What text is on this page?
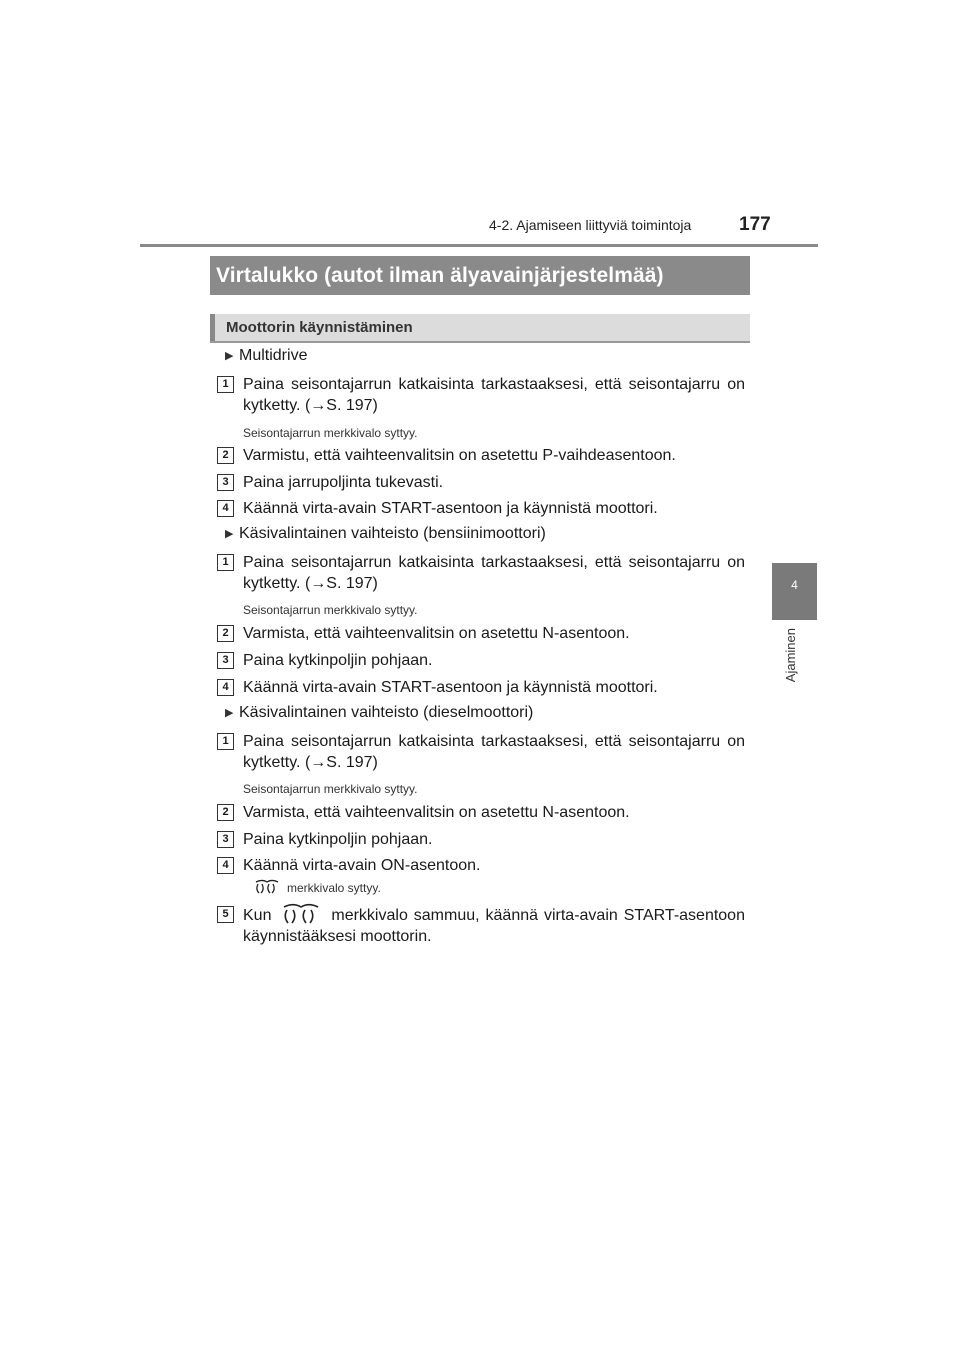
4-2. Ajamiseen liittyviä toimintoja	177
4
Ajaminen
Virtalukko (autot ilman älyavainjärjestelmää)
Moottorin käynnistäminen
▶ Multidrive
1 Paina seisontajarrun katkaisinta tarkastaaksesi, että seisontajarru on kytketty. (→S. 197)
Seisontajarrun merkkivalo syttyy.
2 Varmistu, että vaihteenvalitsin on asetettu P-vaihdeasentoon.
3 Paina jarrupoljinta tukevasti.
4 Käännä virta-avain START-asentoon ja käynnistä moottori.
▶ Käsivalintainen vaihteisto (bensiinimoottori)
1 Paina seisontajarrun katkaisinta tarkastaaksesi, että seisontajarru on kytketty. (→S. 197)
Seisontajarrun merkkivalo syttyy.
2 Varmista, että vaihteenvalitsin on asetettu N-asentoon.
3 Paina kytkinpoljin pohjaan.
4 Käännä virta-avain START-asentoon ja käynnistä moottori.
▶ Käsivalintainen vaihteisto (dieselmoottori)
1 Paina seisontajarrun katkaisinta tarkastaaksesi, että seisontajarru on kytketty. (→S. 197)
Seisontajarrun merkkivalo syttyy.
2 Varmista, että vaihteenvalitsin on asetettu N-asentoon.
3 Paina kytkinpoljin pohjaan.
4 Käännä virta-avain ON-asentoon.
merkkivalo syttyy.
5 Kun	merkkivalo sammuu, käännä virta-avain START-asentoon käynnistääksesi moottorin.
